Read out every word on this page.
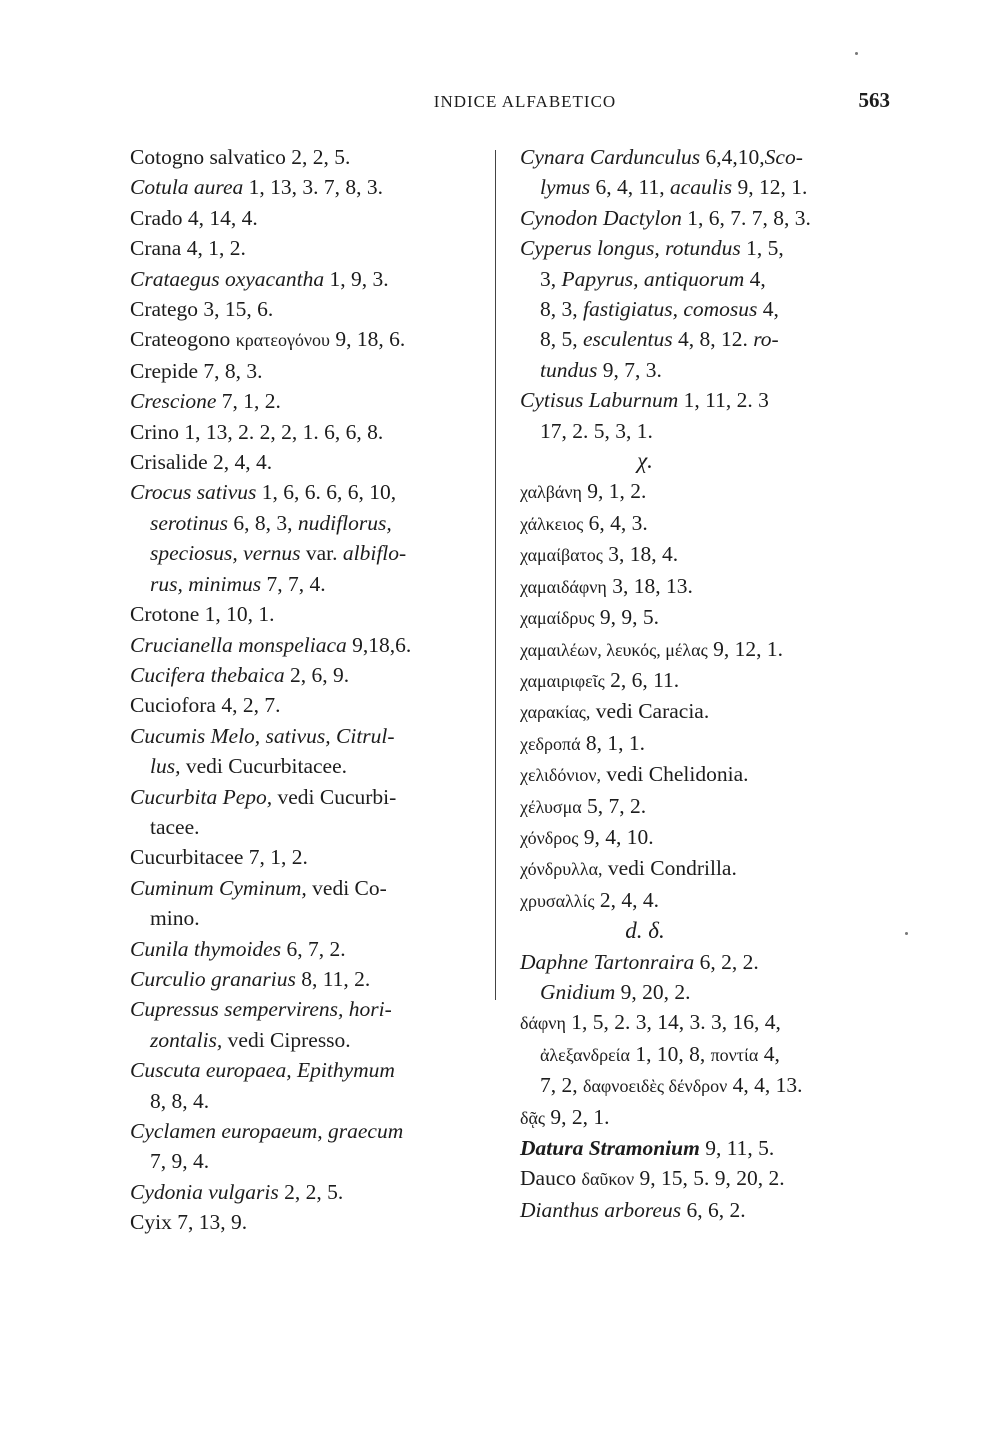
INDICE ALFABETICO	563
Cotogno salvatico 2, 2, 5.
Cotula aurea 1, 13, 3. 7, 8, 3.
Crado 4, 14, 4.
Crana 4, 1, 2.
Crataegus oxyacantha 1, 9, 3.
Cratego 3, 15, 6.
Crateogono κρατεογόνου 9, 18, 6.
Crepide 7, 8, 3.
Crescione 7, 1, 2.
Crino 1, 13, 2. 2, 2, 1. 6, 6, 8.
Crisalide 2, 4, 4.
Crocus sativus 1, 6, 6. 6, 6, 10,
serotinus 6, 8, 3, nudiflorus,
speciosus, vernus var. albiflo-
rus, minimus 7, 7, 4.
Crotone 1, 10, 1.
Crucianella monspeliaca 9,18,6.
Cucifera thebaica 2, 6, 9.
Cuciofora 4, 2, 7.
Cucumis Melo, sativus, Citrul-
lus, vedi Cucurbitacee.
Cucurbita Pepo, vedi Cucurbi-
tacee.
Cucurbitacee 7, 1, 2.
Cuminum Cyminum, vedi Co-
mino.
Cunila thymoides 6, 7, 2.
Curculio granarius 8, 11, 2.
Cupressus sempervirens, hori-
zontalis, vedi Cipresso.
Cuscuta europaea, Epithymum
8, 8, 4.
Cyclamen europaeum, graecum
7, 9, 4.
Cydonia vulgaris 2, 2, 5.
Cyix 7, 13, 9.
Cynara Cardunculus 6,4,10,Sco-
lymus 6, 4, 11, acaulis 9, 12, 1.
Cynodon Dactylon 1, 6, 7. 7, 8, 3.
Cyperus longus, rotundus 1, 5,
3, Papyrus, antiquorum 4,
8, 3, fastigiatus, comosus 4,
8, 5, esculentus 4, 8, 12. ro-
tundus 9, 7, 3.
Cytisus Laburnum 1, 11, 2. 3
17, 2. 5, 3, 1.
χ.
χαλβάνη 9, 1, 2.
χάλκειος 6, 4, 3.
χαμαίβατος 3, 18, 4.
χαμαιδάφνη 3, 18, 13.
χαμαίδρυς 9, 9, 5.
χαμαιλέων, λευκός, μέλας 9, 12, 1.
χαμαιριφεῖς 2, 6, 11.
χαρακίας, vedi Caracia.
χεδροπά 8, 1, 1.
χελιδόνιον, vedi Chelidonia.
χέλυσμα 5, 7, 2.
χόνδρος 9, 4, 10.
χόνδρυλλα, vedi Condrilla.
χρυσαλλίς 2, 4, 4.
d. δ.
Daphne Tartonraira 6, 2, 2.
Gnidium 9, 20, 2.
δάφνη 1, 5, 2. 3, 14, 3. 3, 16, 4,
ἀλεξανδρεία 1, 10, 8, ποντία 4,
7, 2, δαφνοειδὲς δένδρον 4, 4, 13.
δᾷς 9, 2, 1.
Datura Stramonium 9, 11, 5.
Dauco δαῦκον 9, 15, 5. 9, 20, 2.
Dianthus arboreus 6, 6, 2.
